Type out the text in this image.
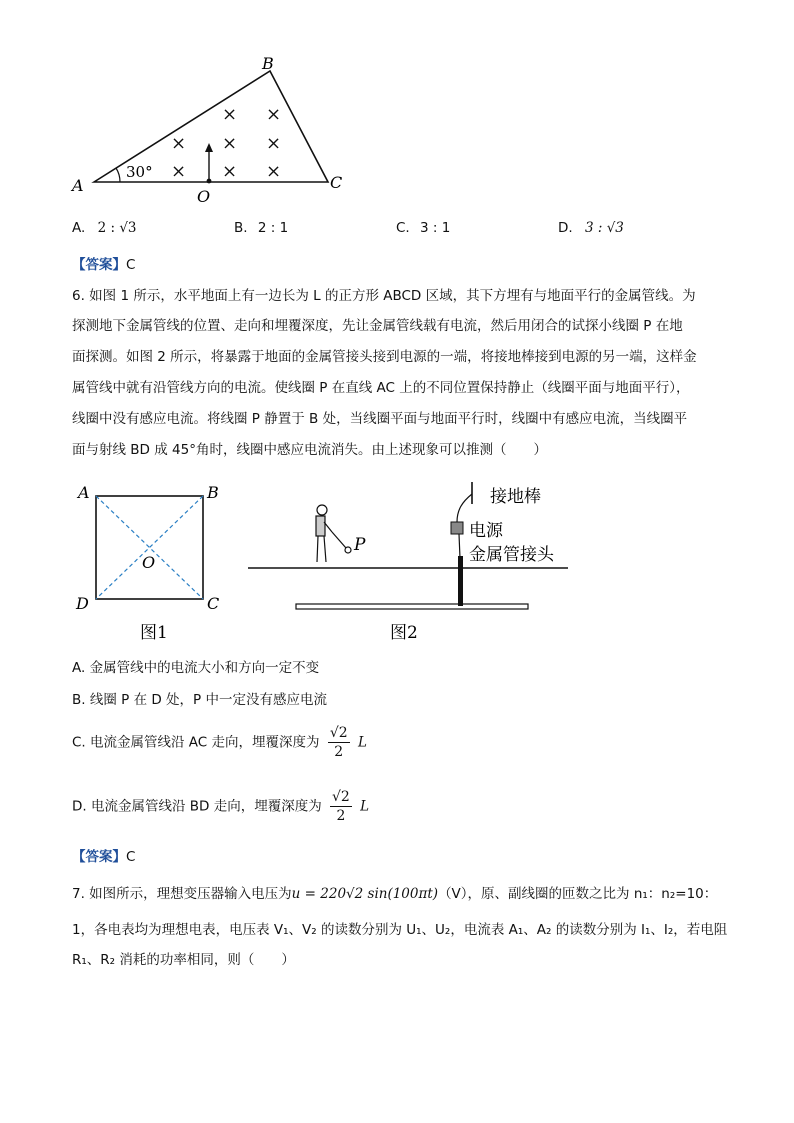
A
B
C
O
30°
× ×
× × ×
× × ×
A. 2 : √3	B. 2 : 1	C. 3 : 1	D. 3 : √3
【答案】C
6. 如图 1 所示，水平地面上有一边长为 L 的正方形 ABCD 区域，其下方埋有与地面平行的金属管线。为
探测地下金属管线的位置、走向和埋覆深度，先让金属管线载有电流，然后用闭合的试探小线圈 P 在地
面探测。如图 2 所示，将暴露于地面的金属管接头接到电源的一端，将接地棒接到电源的另一端，这样金
属管线中就有沿管线方向的电流。使线圈 P 在直线 AC 上的不同位置保持静止（线圈平面与地面平行），
线圈中没有感应电流。将线圈 P 静置于 B 处，当线圈平面与地面平行时，线圈中有感应电流，当线圈平
面与射线 BD 成 45°角时，线圈中感应电流消失。由上述现象可以推测（　　）
A	B
C
D
O
图1
接地棒
电源
金属管接头
P
图2
A. 金属管线中的电流大小和方向一定不变
B. 线圈 P 在 D 处，P 中一定没有感应电流
C. 电流金属管线沿 AC 走向，埋覆深度为 $\frac{√2}{2}$ L
D. 电流金属管线沿 BD 走向，埋覆深度为 $\frac{√2}{2}$ L
【答案】C
7. 如图所示，理想变压器输入电压为u = 220√2 sin(100πt)（V），原、副线圈的匝数之比为 n₁：n₂=10：
1，各电表均为理想电表，电压表 V₁、V₂ 的读数分别为 U₁、U₂，电流表 A₁、A₂ 的读数分别为 I₁、I₂，若电阻
R₁、R₂ 消耗的功率相同，则（　　）
